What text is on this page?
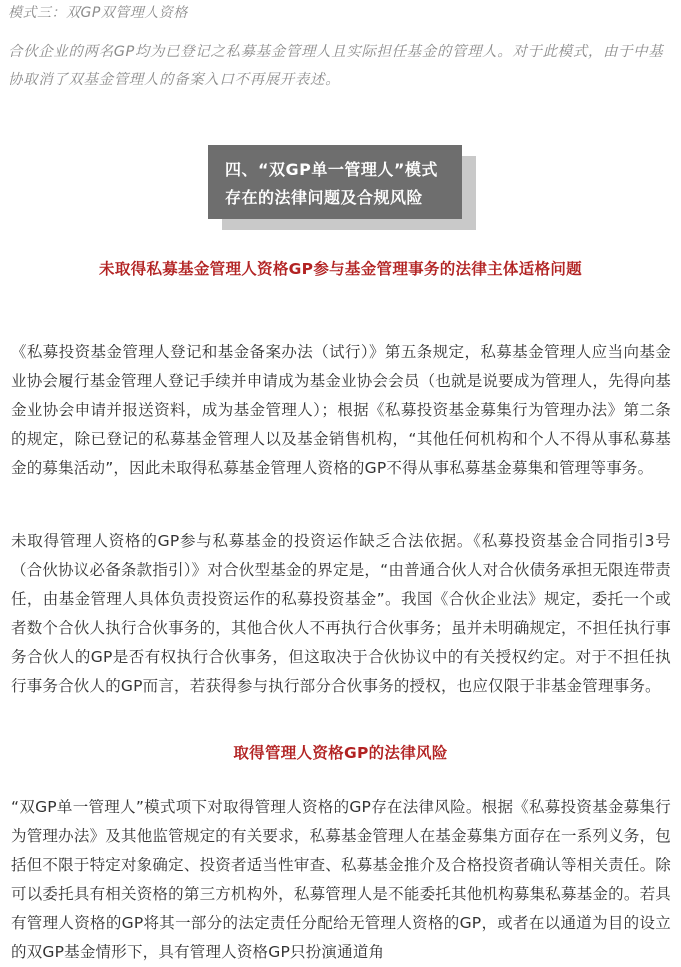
模式三：双GP双管理人资格

合伙企业的两名GP均为已登记之私募基金管理人且实际担任基金的管理人。对于此模式，由于中基协取消了双基金管理人的备案入口不再展开表述。

四、“双GP单一管理人”模式
存在的法律问题及合规风险
未取得私募基金管理人资格GP参与基金管理事务的法律主体适格问题

《私募投资基金管理人登记和基金备案办法（试行）》第五条规定，私募基金管理人应当向基金业协会履行基金管理人登记手续并申请成为基金业协会会员（也就是说要成为管理人，先得向基金业协会申请并报送资料，成为基金管理人）；根据《私募投资基金募集行为管理办法》第二条的规定，除已登记的私募基金管理人以及基金销售机构，“其他任何机构和个人不得从事私募基金的募集活动”，因此未取得私募基金管理人资格的GP不得从事私募基金募集和管理等事务。

未取得管理人资格的GP参与私募基金的投资运作缺乏合法依据。《私募投资基金合同指引3号（合伙协议必备条款指引）》对合伙型基金的界定是，“由普通合伙人对合伙债务承担无限连带责任，由基金管理人具体负责投资运作的私募投资基金”。我国《合伙企业法》规定，委托一个或者数个合伙人执行合伙事务的，其他合伙人不再执行合伙事务；虽并未明确规定，不担任执行事务合伙人的GP是否有权执行合伙事务，但这取决于合伙协议中的有关授权约定。对于不担任执行事务合伙人的GP而言，若获得参与执行部分合伙事务的授权，也应仅限于非基金管理事务。

取得管理人资格GP的法律风险

“双GP单一管理人”模式项下对取得管理人资格的GP存在法律风险。根据《私募投资基金募集行为管理办法》及其他监管规定的有关要求，私募基金管理人在基金募集方面存在一系列义务，包括但不限于特定对象确定、投资者适当性审查、私募基金推介及合格投资者确认等相关责任。除可以委托具有相关资格的第三方机构外，私募管理人是不能委托其他机构募集私募基金的。若具有管理人资格的GP将其一部分的法定责任分配给无管理人资格的GP，或者在以通道为目的设立的双GP基金情形下，具有管理人资格GP只扮演通道角
